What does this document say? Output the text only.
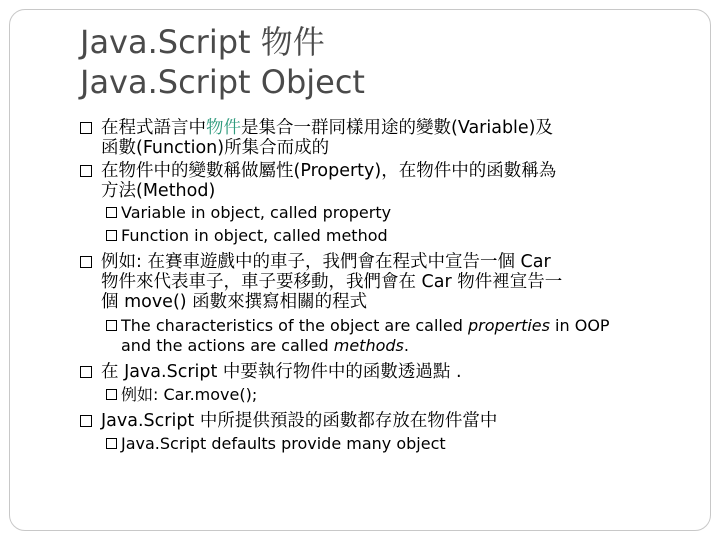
Java.Script 物件
Java.Script Object
在程式語言中物件是集合一群同樣用途的變數(Variable)及
函數(Function)所集合而成的
在物件中的變數稱做屬性(Property)，在物件中的函數稱為
方法(Method)
Variable in object, called property
Function in object, called method
例如: 在賽車遊戲中的車子，我們會在程式中宣告一個 Car
物件來代表車子，車子要移動，我們會在 Car 物件裡宣告一
個 move() 函數來撰寫相關的程式
The characteristics of the object are called properties in OOP
and the actions are called methods.
在 Java.Script 中要執行物件中的函數透過點 .
例如: Car.move();
Java.Script 中所提供預設的函數都存放在物件當中
Java.Script defaults provide many object
